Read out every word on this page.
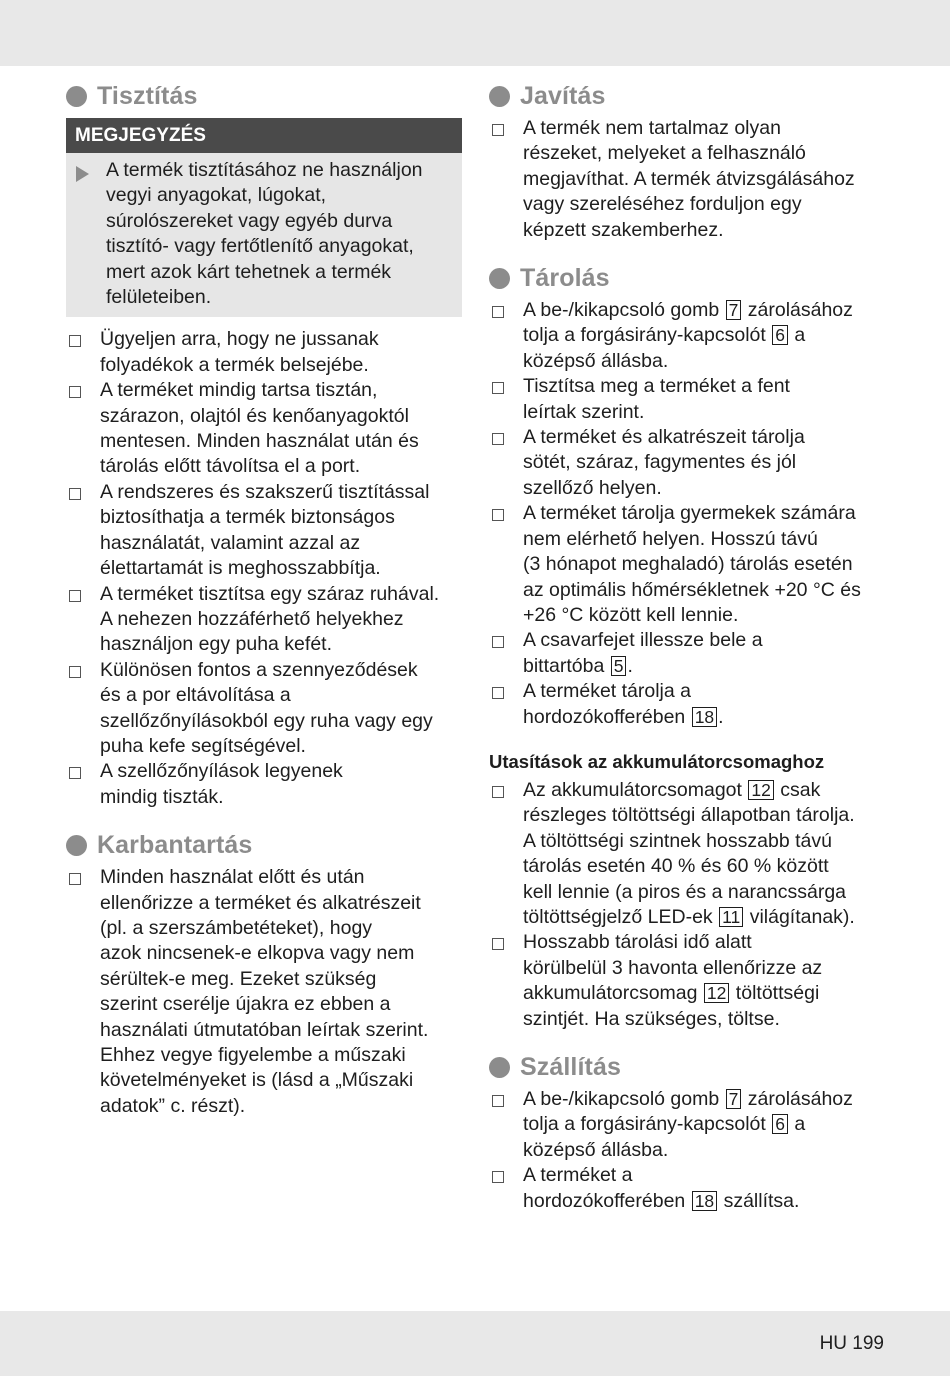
Tisztítás
MEGJEGYZÉS
A termék tisztításához ne használjon
vegyi anyagokat, lúgokat,
súrolószereket vagy egyéb durva
tisztító- vagy fertőtlenítő anyagokat,
mert azok kárt tehetnek a termék
felületeiben.
Ügyeljen arra, hogy ne jussanak
folyadékok a termék belsejébe.
A terméket mindig tartsa tisztán,
szárazon, olajtól és kenőanyagoktól
mentesen. Minden használat után és
tárolás előtt távolítsa el a port.
A rendszeres és szakszerű tisztítással
biztosíthatja a termék biztonságos
használatát, valamint azzal az
élettartamát is meghosszabbítja.
A terméket tisztítsa egy száraz ruhával.
A nehezen hozzáférhető helyekhez
használjon egy puha kefét.
Különösen fontos a szennyeződések
és a por eltávolítása a
szellőzőnyílásokból egy ruha vagy egy
puha kefe segítségével.
A szellőzőnyílások legyenek
mindig tiszták.
Karbantartás
Minden használat előtt és után
ellenőrizze a terméket és alkatrészeit
(pl. a szerszámbetéteket), hogy
azok nincsenek-e elkopva vagy nem
sérültek-e meg. Ezeket szükség
szerint cserélje újakra ez ebben a
használati útmutatóban leírtak szerint.
Ehhez vegye figyelembe a műszaki
követelményeket is (lásd a „Műszaki
adatok” c. részt).
Javítás
A termék nem tartalmaz olyan
részeket, melyeket a felhasználó
megjavíthat. A termék átvizsgálásához
vagy szereléséhez forduljon egy
képzett szakemberhez.
Tárolás
A be-/kikapcsoló gomb 7 zárolásához
tolja a forgásirány-kapcsolót 6 a
középső állásba.
Tisztítsa meg a terméket a fent
leírtak szerint.
A terméket és alkatrészeit tárolja
sötét, száraz, fagymentes és jól
szellőző helyen.
A terméket tárolja gyermekek számára
nem elérhető helyen. Hosszú távú
(3 hónapot meghaladó) tárolás esetén
az optimális hőmérsékletnek +20 °C és
+26 °C között kell lennie.
A csavarfejet illessze bele a
bittartóba 5 .
A terméket tárolja a
hordozókofferében 18 .
Utasítások az akkumulátorcsomaghoz
Az akkumulátorcsomagot 12 csak
részleges töltöttségi állapotban tárolja.
A töltöttségi szintnek hosszabb távú
tárolás esetén 40 % és 60 % között
kell lennie (a piros és a narancssárga
töltöttségjelző LED-ek 11 világítanak).
Hosszabb tárolási idő alatt
körülbelül 3 havonta ellenőrizze az
akkumulátorcsomag 12 töltöttségi
szintjét. Ha szükséges, töltse.
Szállítás
A be-/kikapcsoló gomb 7 zárolásához
tolja a forgásirány-kapcsolót 6 a
középső állásba.
A terméket a
hordozókofferében 18 szállítsa.
HU 199
